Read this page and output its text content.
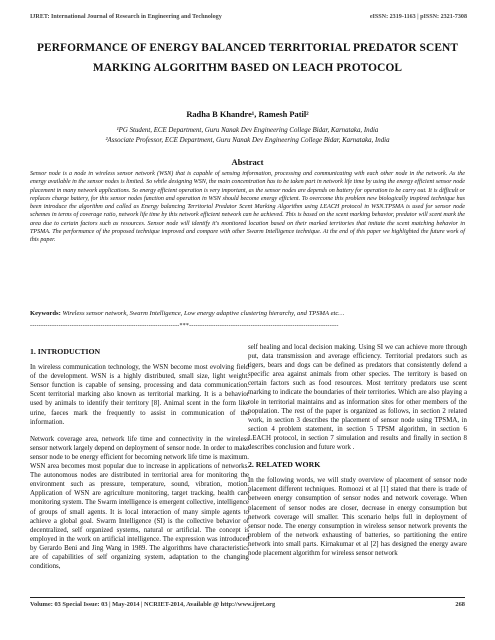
IJRET: International Journal of Research in Engineering and Technology	eISSN: 2319-1163 | pISSN: 2321-7308
PERFORMANCE OF ENERGY BALANCED TERRITORIAL PREDATOR SCENT MARKING ALGORITHM BASED ON LEACH PROTOCOL
Radha B Khandre¹, Ramesh Patil²
¹PG Student, ECE Department, Guru Nanak Dev Engineering College Bidar, Karnataka, India
²Associate Professor, ECE Department, Guru Nanak Dev Engineering College Bidar, Karnataka, India
Abstract
Sensor node is a node in wireless sensor network (WSN) that is capable of sensing information, processing and communicating with each other node in the network. As the energy available in the sensor nodes is limited. So while designing WSN, the main concentration has to be taken part in network life time by using the energy efficient sensor node placement in many network applications. So energy efficient operation is very important, as the sensor nodes are depends on battery for operation to be carry out. It is difficult or replaces charge battery, for this sensor nodes function and operation in WSN should become energy efficient. To overcome this problem new biologically inspired technique has been introduce the algorithm and called as Energy balancing Territorial Predator Scent Marking Algorithm using LEACH protocol in WSN.TPSMA is used for sensor node schemes in terms of coverage ratio, network life time by this network efficient network can be achieved. This is based on the scent marking behavior, predator will scent mark the area due to certain factors such as resources. Sensor node will identify it's monitored location based on their marked territories that imitate the scent matching behavior in TPSMA. The performance of the proposed technique improved and compare with other Swarm Intelligence technique. At the end of this paper we highlighted the future work of this paper.
Keywords: Wireless sensor network, Swarm Intelligence, Low energy adaptive clustering hierarchy, and TPSMA etc…
--------------------------------------------------------------------***--------------------------------------------------------------------
1. INTRODUCTION

In wireless communication technology, the WSN become most evolving field of the development. WSN is a highly distributed, small size, light weight. Sensor function is capable of sensing, processing and data communication. Scent territorial marking also known as territorial marking. It is a behavior used by animals to identify their territory [8]. Animal scent in the form like urine, faeces mark the frequently to assist in communication of the information.

Network coverage area, network life time and connectivity in the wireless sensor network largely depend on deployment of sensor node. In order to make sensor node to be energy efficient for becoming network life time is maximum. WSN area becomes most popular due to increase in applications of networks. The autonomous nodes are distributed in territorial area for monitoring the environment such as pressure, temperature, sound, vibration, motion. Application of WSN are agriculture monitoring, target tracking, health care monitoring system. The Swarm intelligence is emergent collective, intelligence of groups of small agents. It is local interaction of many simple agents to achieve a global goal. Swarm Intelligence (SI) is the collective behavior of decentralized, self organized systems, natural or artificial. The concept is employed in the work on artificial intelligence. The expression was introduced by Gerardo Beni and Jing Wang in 1989. The algorithms have characteristics are of capabilities of self organizing system, adaptation to the changing conditions,

self healing and local decision making. Using SI we can achieve more through put, data transmission and average efficiency. Territorial predators such as tigers, bears and dogs can be defined as predators that consistently defend a specific area against animals from other species. The territory is based on certain factors such as food resources. Most territory predators use scent marking to indicate the boundaries of their territories. Which are also playing a role in territorial maintains and as information sites for other members of the population. The rest of the paper is organized as follows, in section 2 related work, in section 3 describes the placement of sensor node using TPSMA, in section 4 problem statement, in section 5 TPSM algorithm, in section 6 LEACH protocol, in section 7 simulation and results and finally in section 8 describes conclusion and future work .

2. RELATED WORK

In the following words, we will study overview of placement of sensor node placement different techniques. Romoozi et al [1] stated that there is trade of between energy consumption of sensor nodes and network coverage. When placement of sensor nodes are closer, decrease in energy consumption but network coverage will smaller. This scenario helps full in deployment of sensor node. The energy consumption in wireless sensor network prevents the problem of the network exhausting of batteries, so partitioning the entire network into small parts. Kirnakumar et al [2] has designed the energy aware node placement algorithm for wireless sensor network

Volume: 03 Special Issue: 03 | May-2014 | NCRIET-2014, Available @ http://www.ijret.org	268
